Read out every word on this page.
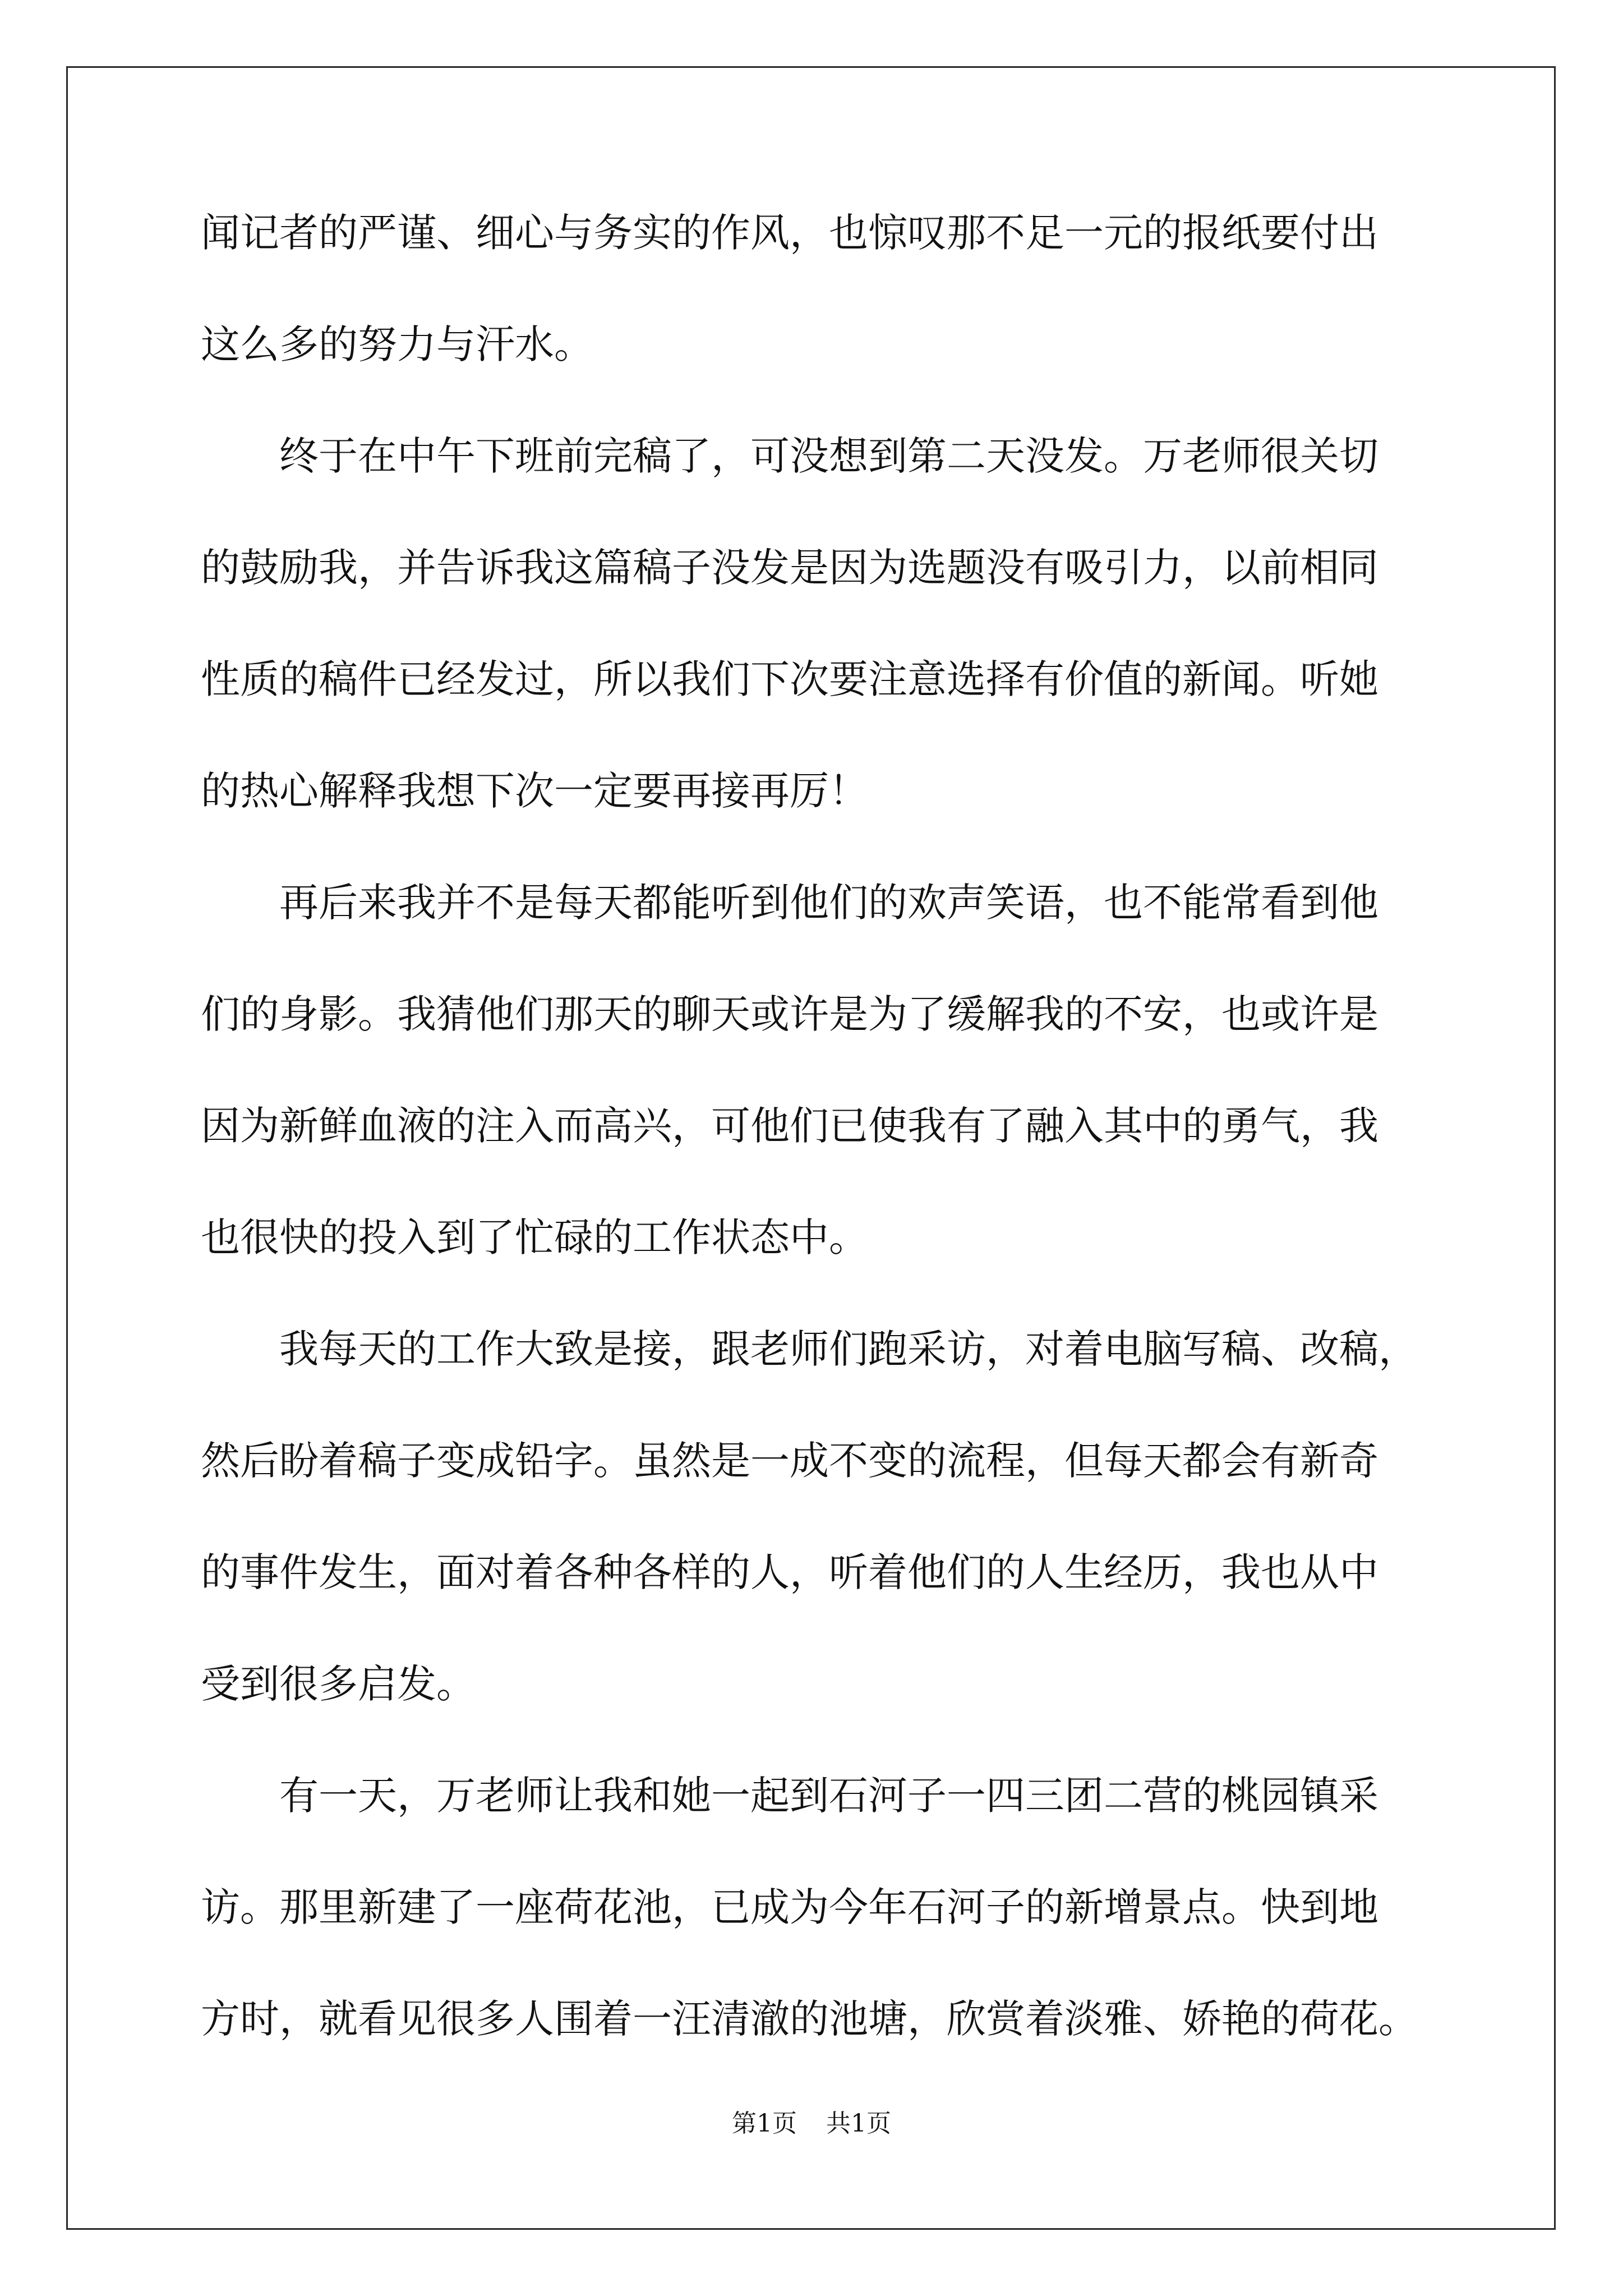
闻记者的严谨、细心与务实的作风，也惊叹那不足一元的报纸要付出
这么多的努力与汗水。
　　终于在中午下班前完稿了，可没想到第二天没发。万老师很关切
的鼓励我，并告诉我这篇稿子没发是因为选题没有吸引力，以前相同
性质的稿件已经发过，所以我们下次要注意选择有价值的新闻。听她
的热心解释我想下次一定要再接再厉！
　　再后来我并不是每天都能听到他们的欢声笑语，也不能常看到他
们的身影。我猜他们那天的聊天或许是为了缓解我的不安，也或许是
因为新鲜血液的注入而高兴，可他们已使我有了融入其中的勇气，我
也很快的投入到了忙碌的工作状态中。
　　我每天的工作大致是接，跟老师们跑采访，对着电脑写稿、改稿，
然后盼着稿子变成铅字。虽然是一成不变的流程，但每天都会有新奇
的事件发生，面对着各种各样的人，听着他们的人生经历，我也从中
受到很多启发。
　　有一天，万老师让我和她一起到石河子一四三团二营的桃园镇采
访。那里新建了一座荷花池，已成为今年石河子的新增景点。快到地
方时，就看见很多人围着一汪清澈的池塘，欣赏着淡雅、娇艳的荷花。
第1页 共1页
